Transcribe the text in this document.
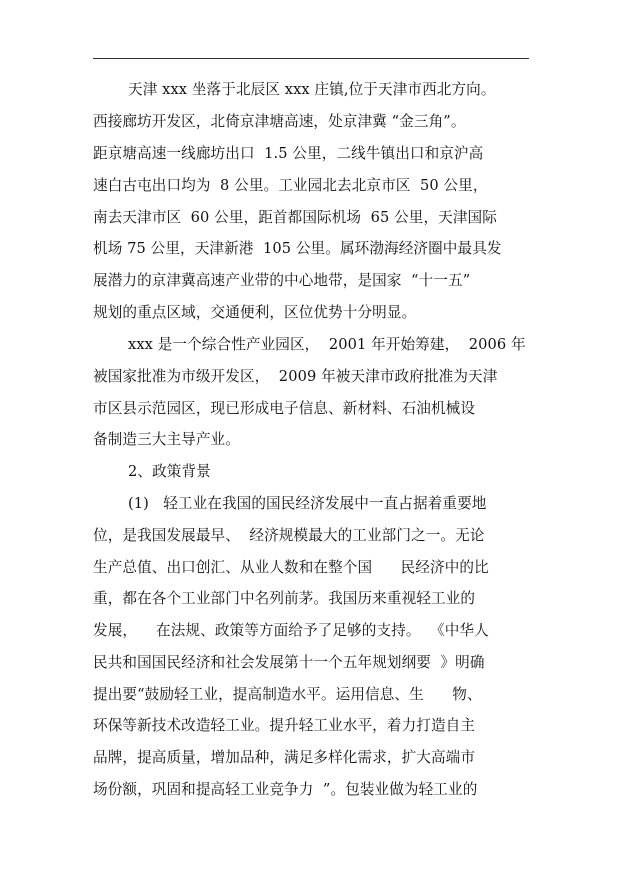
天津 xxx 坐落于北辰区 xxx 庄镇,位于天津市西北方向。

西接廊坊开发区，北倚京津塘高速，处京津冀 “金三角”。

距京塘高速一线廊坊出口  1.5 公里，二线牛镇出口和京沪高

速白古屯出口均为  8 公里。工业园北去北京市区  50 公里，

南去天津市区  60 公里，距首都国际机场  65 公里，天津国际

机场 75 公里，天津新港  105 公里。属环渤海经济圈中最具发

展潜力的京津冀高速产业带的中心地带，是国家  “十一五”

规划的重点区域，交通便利，区位优势十分明显。

xxx 是一个综合性产业园区，  2001 年开始筹建，  2006 年

被国家批准为市级开发区，  2009 年被天津市政府批准为天津

市区县示范园区，现已形成电子信息、新材料、石油机械设

备制造三大主导产业。

2、政策背景

(1)   轻工业在我国的国民经济发展中一直占据着重要地

位，是我国发展最早、  经济规模最大的工业部门之一。无论

生产总值、出口创汇、从业人数和在整个国      民经济中的比

重，都在各个工业部门中名列前茅。我国历来重视轻工业的

发展，    在法规、政策等方面给予了足够的支持。  《中华人

民共和国国民经济和社会发展第十一个五年规划纲要  》明确

提出要“鼓励轻工业，提高制造水平。运用信息、生      物、

环保等新技术改造轻工业。提升轻工业水平，着力打造自主

品牌，提高质量，增加品种，满足多样化需求，扩大高端市

场份额，巩固和提高轻工业竞争力  ”。包装业做为轻工业的
